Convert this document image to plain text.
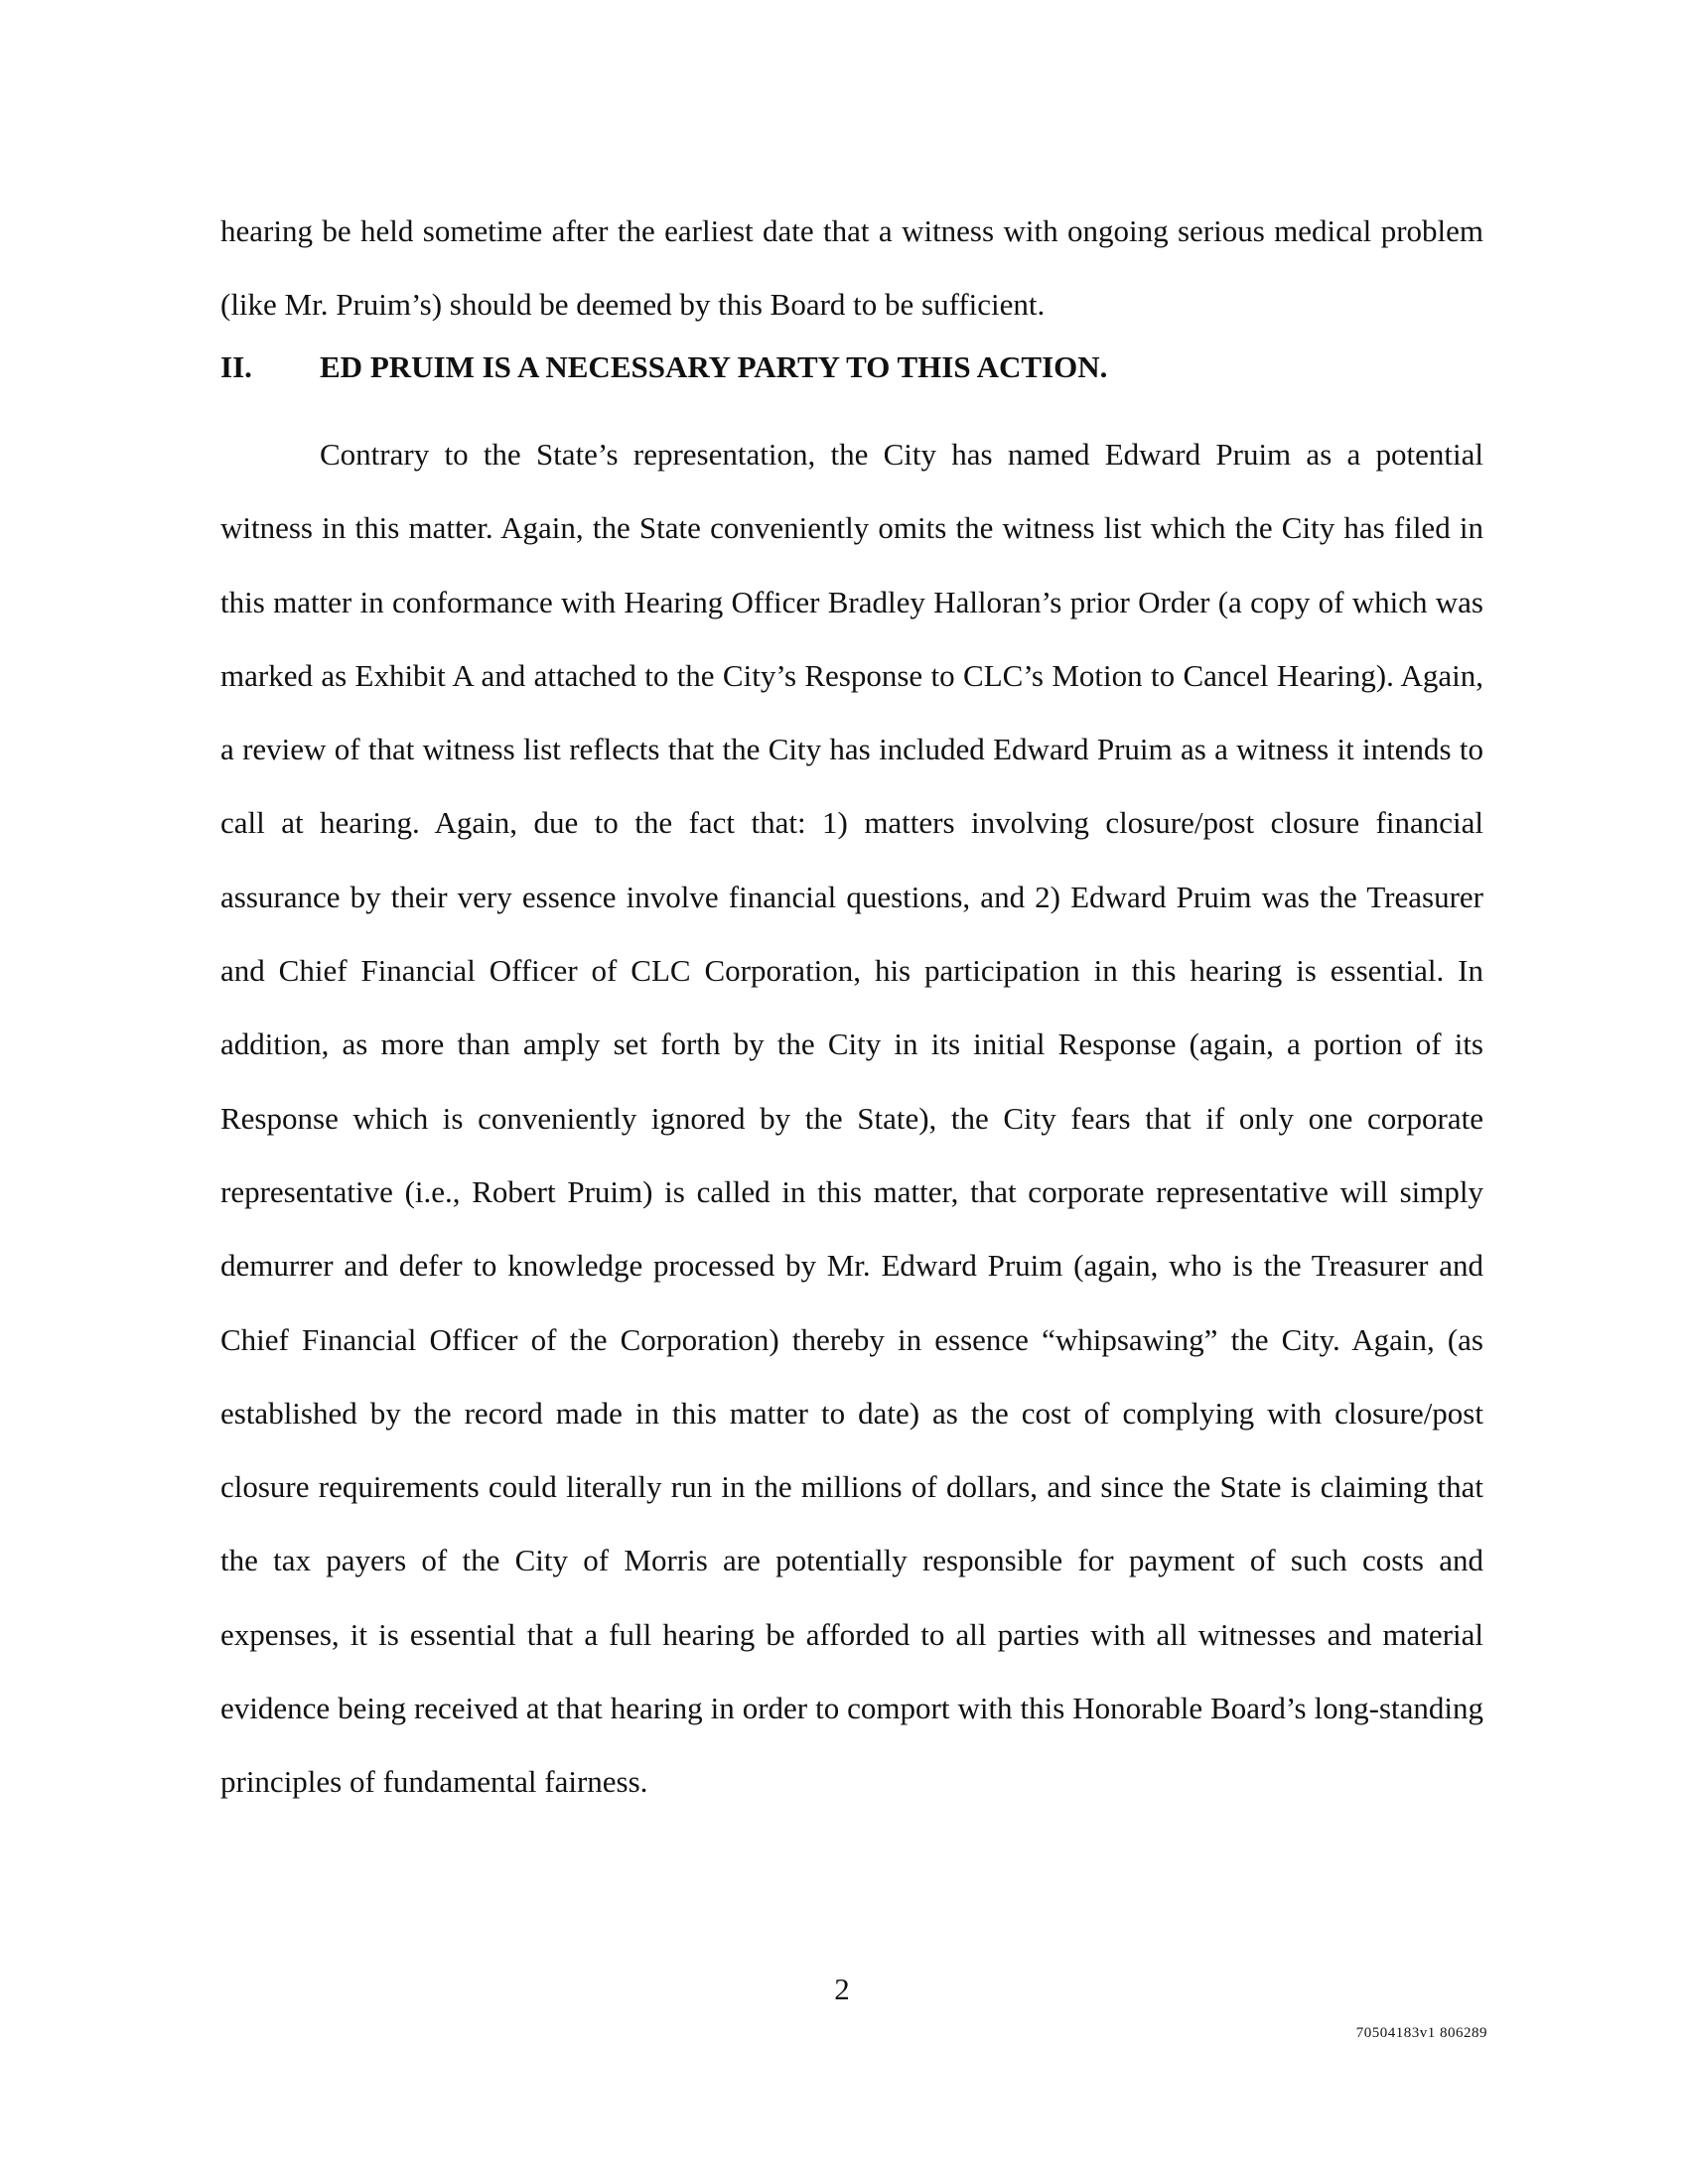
hearing be held sometime after the earliest date that a witness with ongoing serious medical problem (like Mr. Pruim’s) should be deemed by this Board to be sufficient.

II. ED PRUIM IS A NECESSARY PARTY TO THIS ACTION.

Contrary to the State’s representation, the City has named Edward Pruim as a potential witness in this matter. Again, the State conveniently omits the witness list which the City has filed in this matter in conformance with Hearing Officer Bradley Halloran’s prior Order (a copy of which was marked as Exhibit A and attached to the City’s Response to CLC’s Motion to Cancel Hearing). Again, a review of that witness list reflects that the City has included Edward Pruim as a witness it intends to call at hearing. Again, due to the fact that: 1) matters involving closure/post closure financial assurance by their very essence involve financial questions, and 2) Edward Pruim was the Treasurer and Chief Financial Officer of CLC Corporation, his participation in this hearing is essential. In addition, as more than amply set forth by the City in its initial Response (again, a portion of its Response which is conveniently ignored by the State), the City fears that if only one corporate representative (i.e., Robert Pruim) is called in this matter, that corporate representative will simply demurrer and defer to knowledge processed by Mr. Edward Pruim (again, who is the Treasurer and Chief Financial Officer of the Corporation) thereby in essence “whipsawing” the City. Again, (as established by the record made in this matter to date) as the cost of complying with closure/post closure requirements could literally run in the millions of dollars, and since the State is claiming that the tax payers of the City of Morris are potentially responsible for payment of such costs and expenses, it is essential that a full hearing be afforded to all parties with all witnesses and material evidence being received at that hearing in order to comport with this Honorable Board’s long-standing principles of fundamental fairness.

2

70504183v1 806289
